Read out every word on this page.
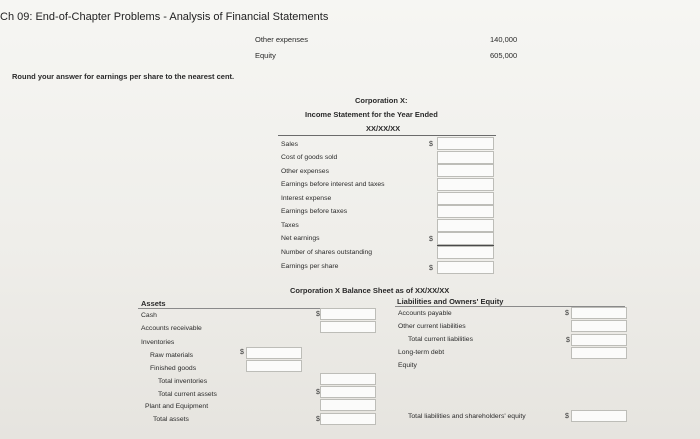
Ch 09: End-of-Chapter Problems - Analysis of Financial Statements
Other expenses	140,000
Equity	605,000
Round your answer for earnings per share to the nearest cent.
Corporation X:
Income Statement for the Year Ended
XX/XX/XX
Sales
Cost of goods sold
Other expenses
Earnings before interest and taxes
Interest expense
Earnings before taxes
Taxes
Net earnings
Number of shares outstanding
Earnings per share
$
$
$
Corporation X Balance Sheet as of XX/XX/XX
Assets
Cash
Accounts receivable
Inventories
Raw materials
Finished goods
Total inventories
Total current assets
Plant and Equipment
Total assets
$
$
$
$
Liabilities and Owners' Equity
Accounts payable
Other current liabilities
Total current liabilities
Long-term debt
Equity
Total liabilities and shareholders' equity
$
$
$
